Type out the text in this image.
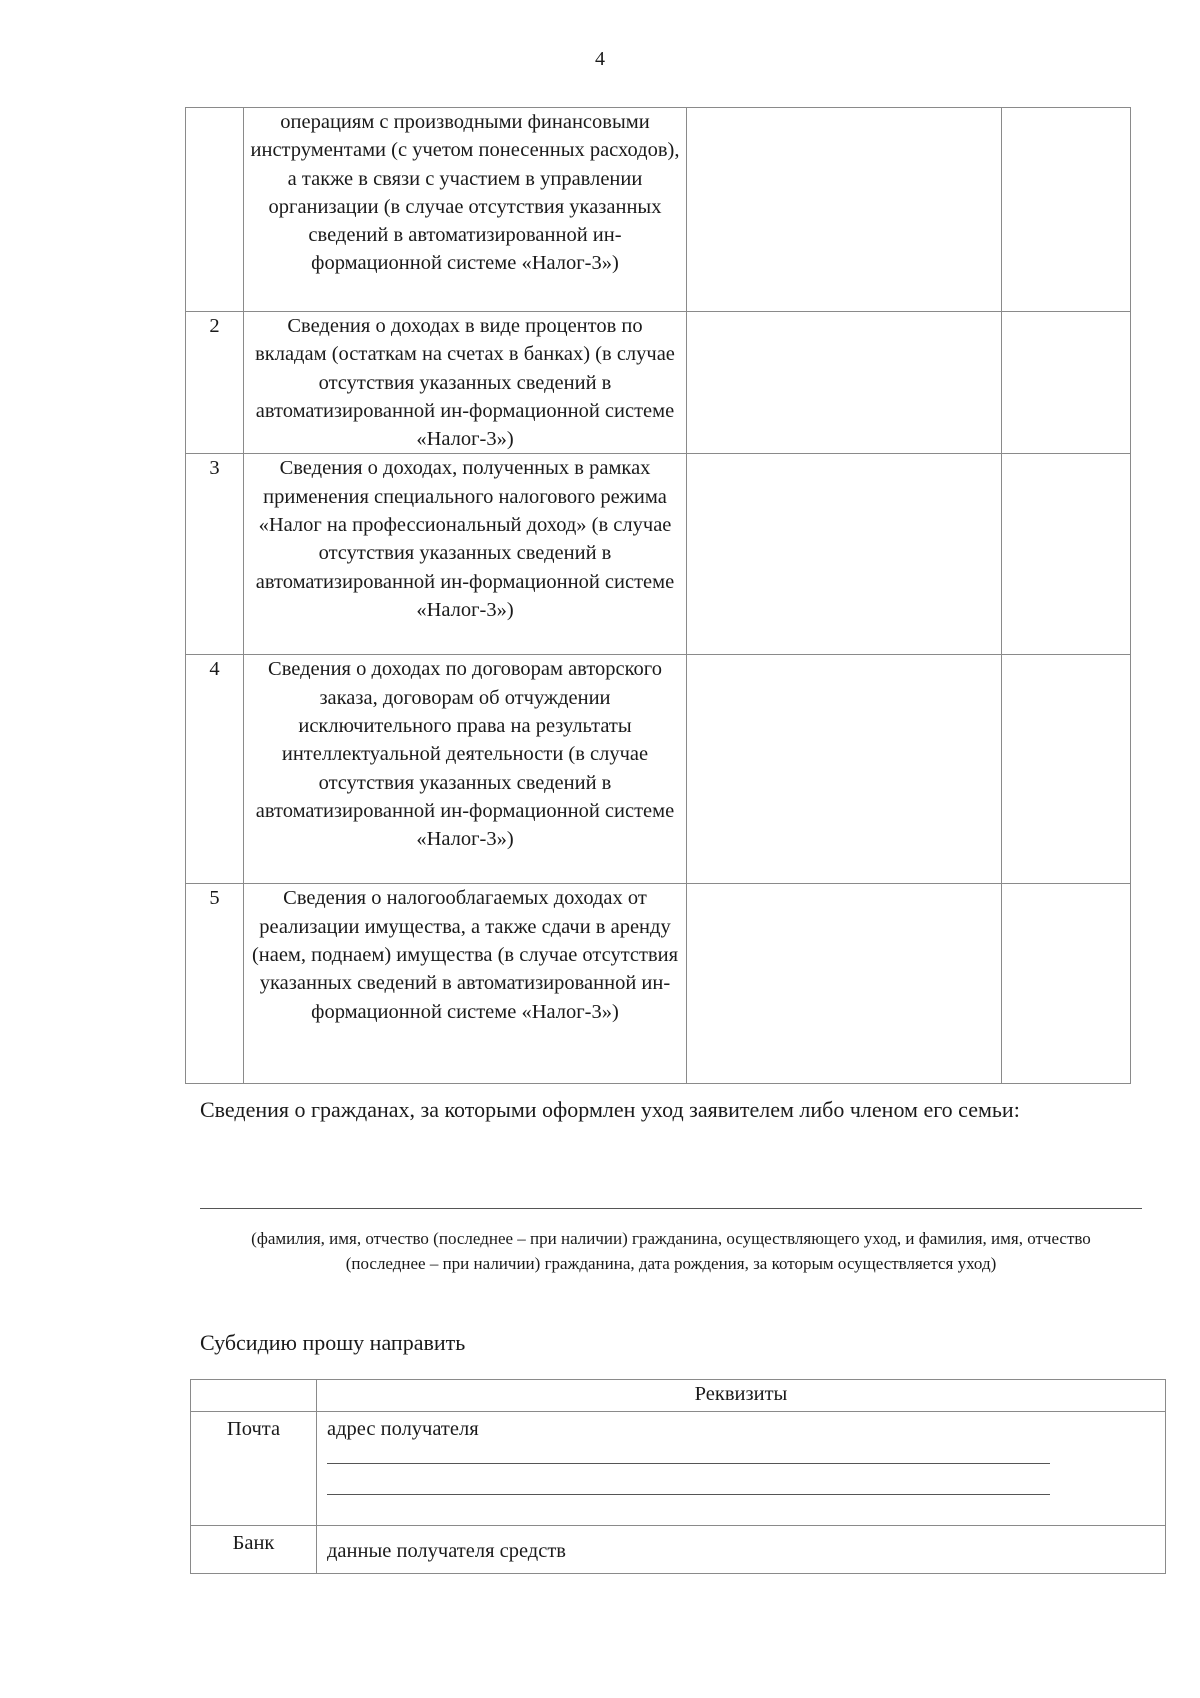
4
	операциям с производными финансовыми инструментами (с учетом понесенных расходов), а также в связи с участием в управлении организации (в случае отсутствия указанных сведений в автоматизированной ин-формационной системе «Налог-3»)		
2	Сведения о доходах в виде процентов по вкладам (остаткам на счетах в банках) (в случае отсутствия указанных сведений в автоматизированной ин-формационной системе «Налог-3»)		
3	Сведения о доходах, полученных в рамках применения специального налогового режима «Налог на профессиональный доход» (в случае отсутствия указанных сведений в автоматизированной ин-формационной системе «Налог-3»)		
4	Сведения о доходах по договорам авторского заказа, договорам об отчуждении исключительного права на результаты интеллектуальной деятельности (в случае отсутствия указанных сведений в автоматизированной ин-формационной системе «Налог-3»)		
5	Сведения о налогооблагаемых доходах от реализации имущества, а также сдачи в аренду (наем, поднаем) имущества (в случае отсутствия указанных сведений в автоматизированной ин-формационной системе «Налог-3»)		
Сведения о гражданах, за которыми оформлен уход заявителем либо членом его семьи:
(фамилия, имя, отчество (последнее – при наличии) гражданина, осуществляющего уход, и фамилия, имя, отчество (последнее – при наличии) гражданина, дата рождения, за которым осуществляется уход)
Субсидию прошу направить
	Реквизиты
Почта	адрес получателя

Банк	данные получателя средств
